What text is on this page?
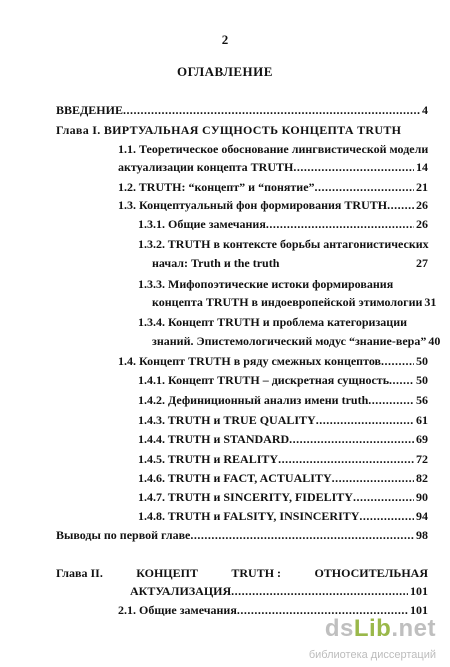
2
ОГЛАВЛЕНИЕ
ВВЕДЕНИЕ .....	4
Глава I. ВИРТУАЛЬНАЯ СУЩНОСТЬ КОНЦЕПТА TRUTH
1.1. Теоретическое обоснование лингвистической модели
актуализации концепта TRUTH .....	14
1.2. TRUTH: “концепт” и “понятие” .....	21
1.3. Концептуальный фон формирования TRUTH ..... 26
1.3.1. Общие замечания .....	26
1.3.2. TRUTH в контексте борьбы антагонистических
начал: Truth и the truth	27
1.3.3. Мифопоэтические истоки формирования
концепта TRUTH в индоевропейской этимологии 31
1.3.4. Концепт TRUTH и проблема категоризации
знаний. Эпистемологический модус “знание-вера” 40
1.4. Концепт TRUTH в ряду смежных концептов .....	50
1.4.1. Концепт TRUTH – дискретная сущность ..... 50
1.4.2. Дефиниционный анализ имени truth .....	56
1.4.3. TRUTH и TRUE QUALITY .....	61
1.4.4. TRUTH и STANDARD .....	69
1.4.5. TRUTH и REALITY .....	72
1.4.6. TRUTH и FACT, ACTUALITY .....	82
1.4.7. TRUTH и SINCERITY, FIDELITY .....	90
1.4.8. TRUTH и FALSITY, INSINCERITY .....	94
Выводы по первой главе .....	98
Глава II.	КОНЦЕПТ	TRUTH :	ОТНОСИТЕЛЬНАЯ
АКТУАЛИЗАЦИЯ .....	101
2.1. Общие замечания .....	101
dsLib.net
библиотека диссертаций
